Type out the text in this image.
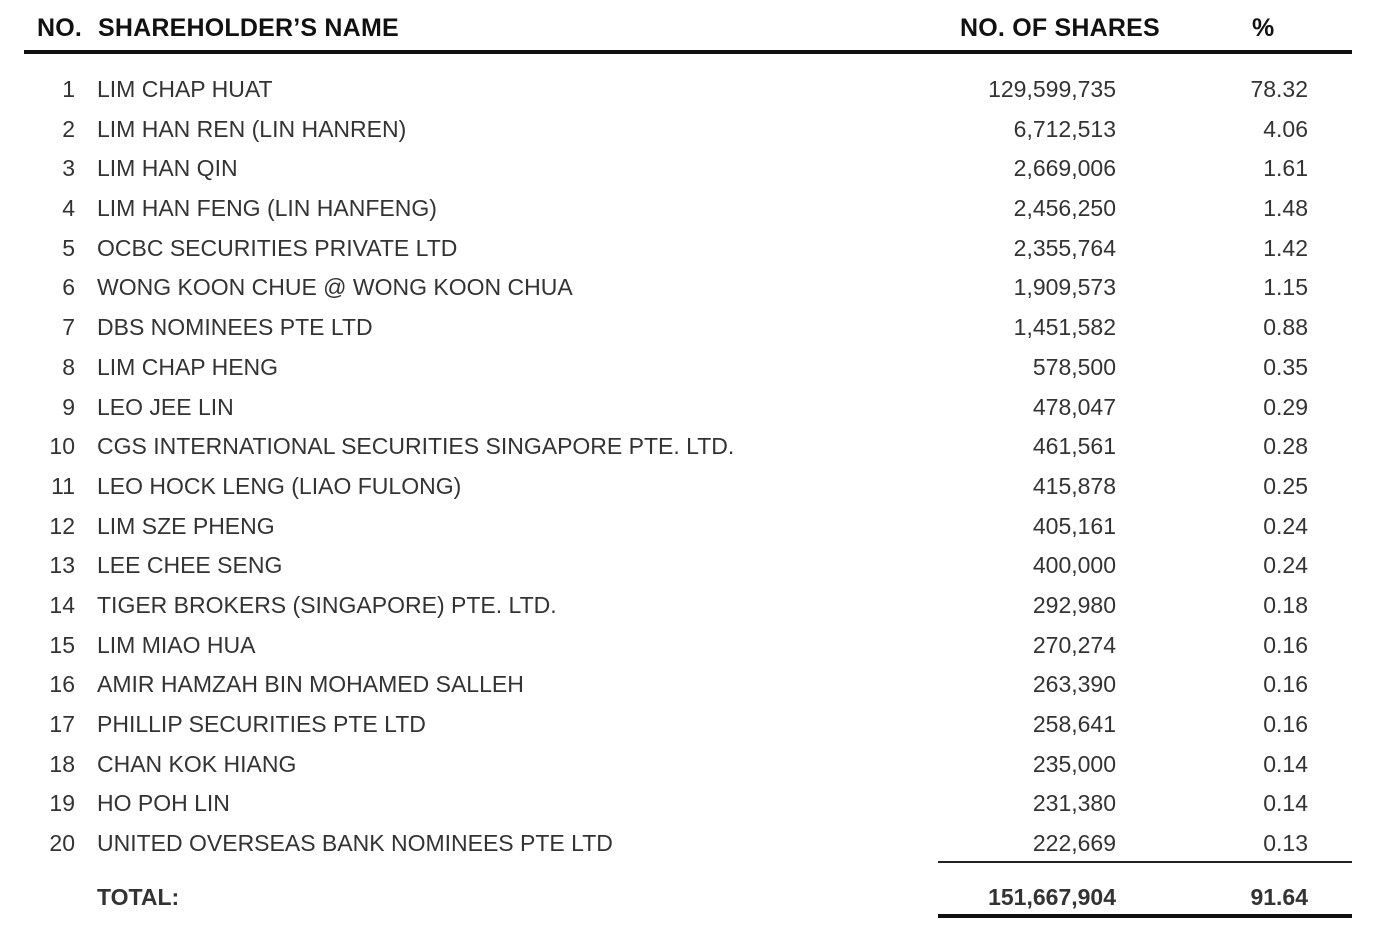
NO. SHAREHOLDER’S NAME	NO. OF SHARES	%
1 LIM CHAP HUAT	129,599,735	78.32
2 LIM HAN REN (LIN HANREN)	6,712,513	4.06
3 LIM HAN QIN	2,669,006	1.61
4 LIM HAN FENG (LIN HANFENG)	2,456,250	1.48
5 OCBC SECURITIES PRIVATE LTD	2,355,764	1.42
6 WONG KOON CHUE @ WONG KOON CHUA	1,909,573	1.15
7 DBS NOMINEES PTE LTD	1,451,582	0.88
8 LIM CHAP HENG	578,500	0.35
9 LEO JEE LIN	478,047	0.29
10 CGS INTERNATIONAL SECURITIES SINGAPORE PTE. LTD.	461,561	0.28
11 LEO HOCK LENG (LIAO FULONG)	415,878	0.25
12 LIM SZE PHENG	405,161	0.24
13 LEE CHEE SENG	400,000	0.24
14 TIGER BROKERS (SINGAPORE) PTE. LTD.	292,980	0.18
15 LIM MIAO HUA	270,274	0.16
16 AMIR HAMZAH BIN MOHAMED SALLEH	263,390	0.16
17 PHILLIP SECURITIES PTE LTD	258,641	0.16
18 CHAN KOK HIANG	235,000	0.14
19 HO POH LIN	231,380	0.14
20 UNITED OVERSEAS BANK NOMINEES PTE LTD	222,669	0.13
TOTAL:	151,667,904	91.64
